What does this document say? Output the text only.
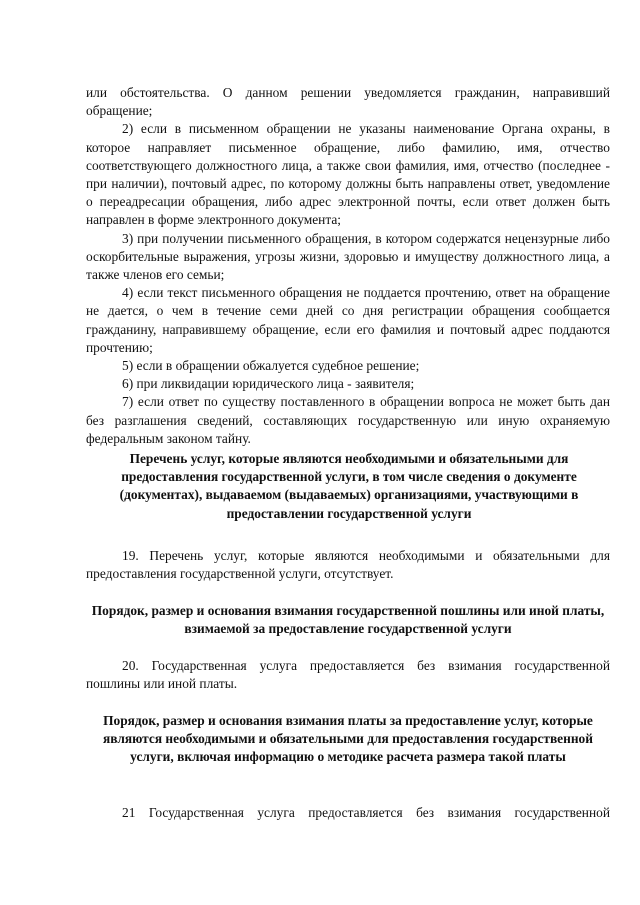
или обстоятельства. О данном решении уведомляется гражданин, направивший обращение;

2) если в письменном обращении не указаны наименование Органа охраны, в которое направляет письменное обращение, либо фамилию, имя, отчество соответствующего должностного лица, а также свои фамилия, имя, отчество (последнее - при наличии), почтовый адрес, по которому должны быть направлены ответ, уведомление о переадресации обращения, либо адрес электронной почты, если ответ должен быть направлен в форме электронного документа;

3) при получении письменного обращения, в котором содержатся нецензурные либо оскорбительные выражения, угрозы жизни, здоровью и имуществу должностного лица, а также членов его семьи;

4) если текст письменного обращения не поддается прочтению, ответ на обращение не дается, о чем в течение семи дней со дня регистрации обращения сообщается гражданину, направившему обращение, если его фамилия и почтовый адрес поддаются прочтению;

5) если в обращении обжалуется судебное решение;

6) при ликвидации юридического лица - заявителя;

7) если ответ по существу поставленного в обращении вопроса не может быть дан без разглашения сведений, составляющих государственную или иную охраняемую федеральным законом тайну.

Перечень услуг, которые являются необходимыми и обязательными для предоставления государственной услуги, в том числе сведения о документе (документах), выдаваемом (выдаваемых) организациями, участвующими в предоставлении государственной услуги

19. Перечень услуг, которые являются необходимыми и обязательными для предоставления государственной услуги, отсутствует.

Порядок, размер и основания взимания государственной пошлины или иной платы, взимаемой за предоставление государственной услуги

20. Государственная услуга предоставляется без взимания государственной пошлины или иной платы.

Порядок, размер и основания взимания платы за предоставление услуг, которые являются необходимыми и обязательными для предоставления государственной услуги, включая информацию о методике расчета размера такой платы

21 Государственная услуга предоставляется без взимания государственной
